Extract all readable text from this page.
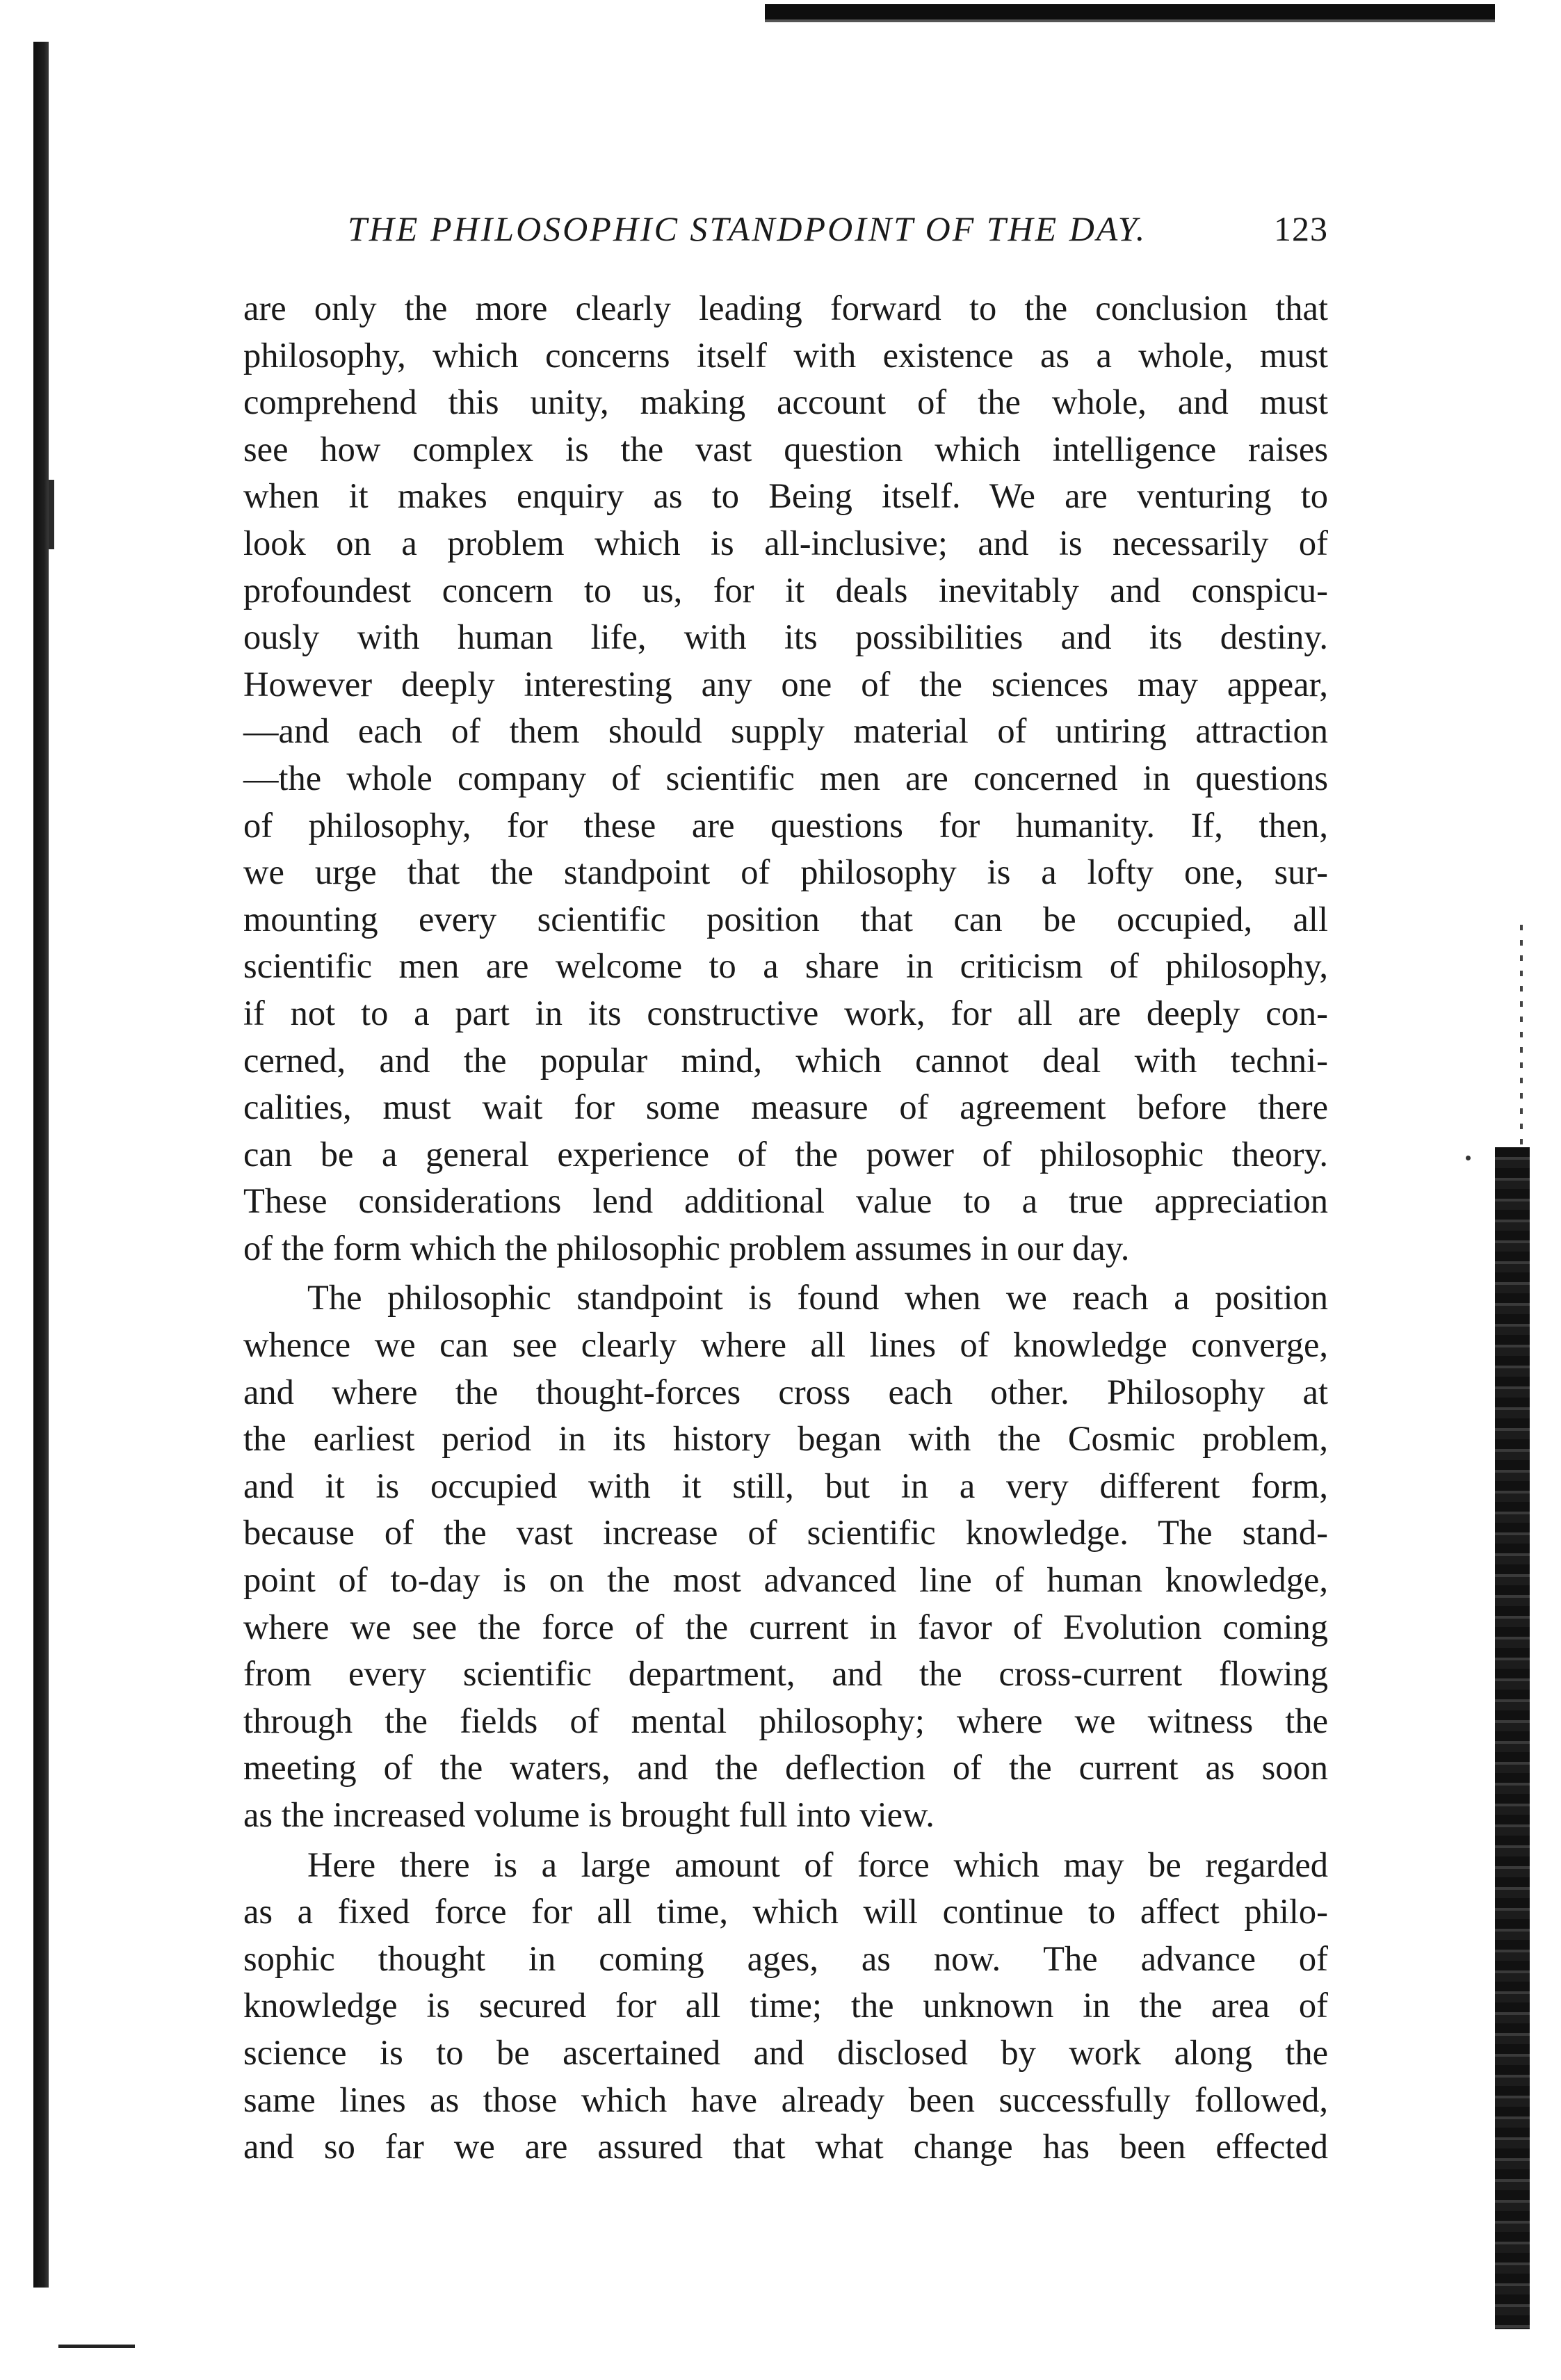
THE PHILOSOPHIC STANDPOINT OF THE DAY.	123

are only the more clearly leading forward to the conclusion that

philosophy, which concerns itself with existence as a whole, must

comprehend this unity, making account of the whole, and must

see how complex is the vast question which intelligence raises

when it makes enquiry as to Being itself. We are venturing to

look on a problem which is all-inclusive; and is necessarily of

profoundest concern to us, for it deals inevitably and conspicu-

ously with human life, with its possibilities and its destiny.

However deeply interesting any one of the sciences may appear,

—and each of them should supply material of untiring attraction

—the whole company of scientific men are concerned in questions

of philosophy, for these are questions for humanity. If, then,

we urge that the standpoint of philosophy is a lofty one, sur-

mounting every scientific position that can be occupied, all

scientific men are welcome to a share in criticism of philosophy,

if not to a part in its constructive work, for all are deeply con-

cerned, and the popular mind, which cannot deal with techni-

calities, must wait for some measure of agreement before there

can be a general experience of the power of philosophic theory.

These considerations lend additional value to a true appreciation

of the form which the philosophic problem assumes in our day.

The philosophic standpoint is found when we reach a position

whence we can see clearly where all lines of knowledge converge,

and where the thought-forces cross each other. Philosophy at

the earliest period in its history began with the Cosmic problem,

and it is occupied with it still, but in a very different form,

because of the vast increase of scientific knowledge. The stand-

point of to-day is on the most advanced line of human knowledge,

where we see the force of the current in favor of Evolution coming

from every scientific department, and the cross-current flowing

through the fields of mental philosophy; where we witness the

meeting of the waters, and the deflection of the current as soon

as the increased volume is brought full into view.

Here there is a large amount of force which may be regarded

as a fixed force for all time, which will continue to affect philo-

sophic thought in coming ages, as now. The advance of

knowledge is secured for all time; the unknown in the area of

science is to be ascertained and disclosed by work along the

same lines as those which have already been successfully followed,

and so far we are assured that what change has been effected
